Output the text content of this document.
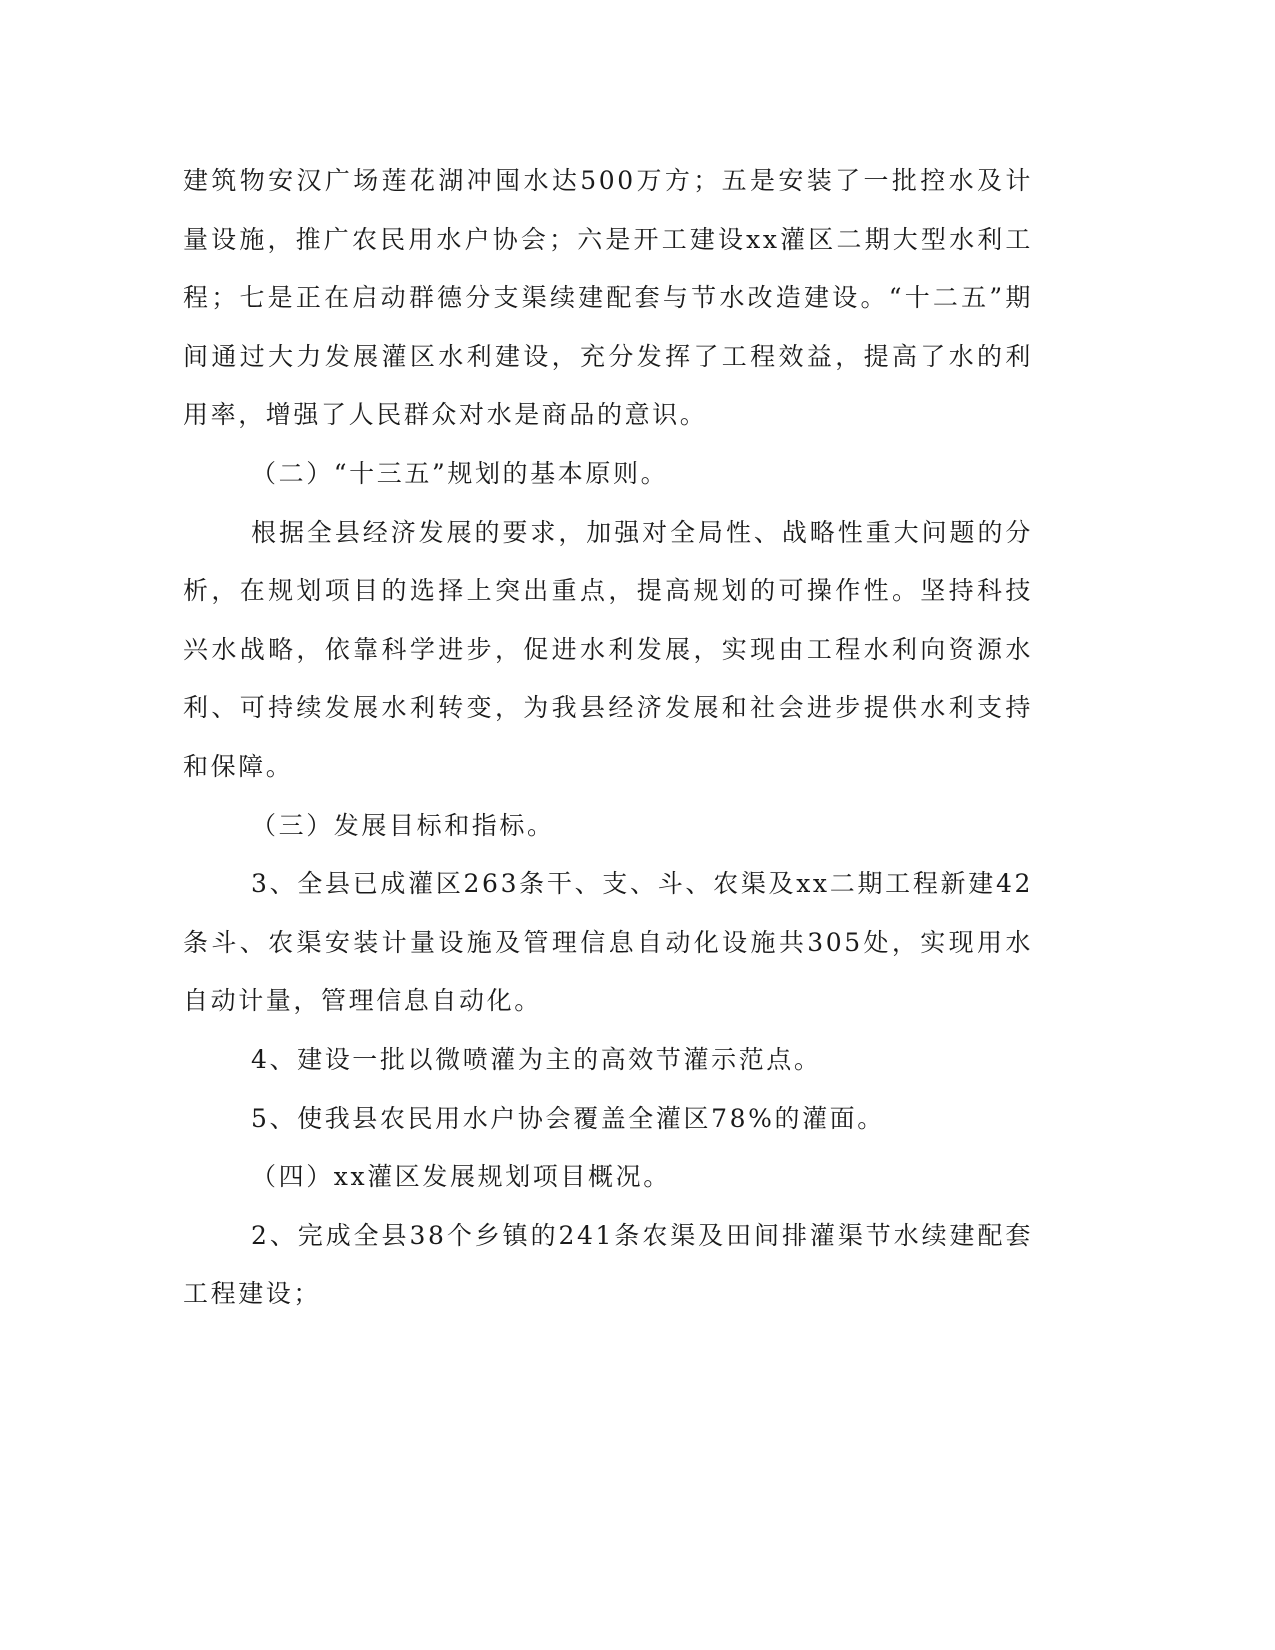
建筑物安汉广场莲花湖冲囤水达500万方；五是安装了一批控水及计量设施，推广农民用水户协会；六是开工建设xx灌区二期大型水利工程；七是正在启动群德分支渠续建配套与节水改造建设。“十二五”期间通过大力发展灌区水利建设，充分发挥了工程效益，提高了水的利用率，增强了人民群众对水是商品的意识。

（二）“十三五”规划的基本原则。

根据全县经济发展的要求，加强对全局性、战略性重大问题的分析，在规划项目的选择上突出重点，提高规划的可操作性。坚持科技兴水战略，依靠科学进步，促进水利发展，实现由工程水利向资源水利、可持续发展水利转变，为我县经济发展和社会进步提供水利支持和保障。

（三）发展目标和指标。

3、全县已成灌区263条干、支、斗、农渠及xx二期工程新建42条斗、农渠安装计量设施及管理信息自动化设施共305处，实现用水自动计量，管理信息自动化。

4、建设一批以微喷灌为主的高效节灌示范点。

5、使我县农民用水户协会覆盖全灌区78%的灌面。

（四）xx灌区发展规划项目概况。

2、完成全县38个乡镇的241条农渠及田间排灌渠节水续建配套工程建设；
